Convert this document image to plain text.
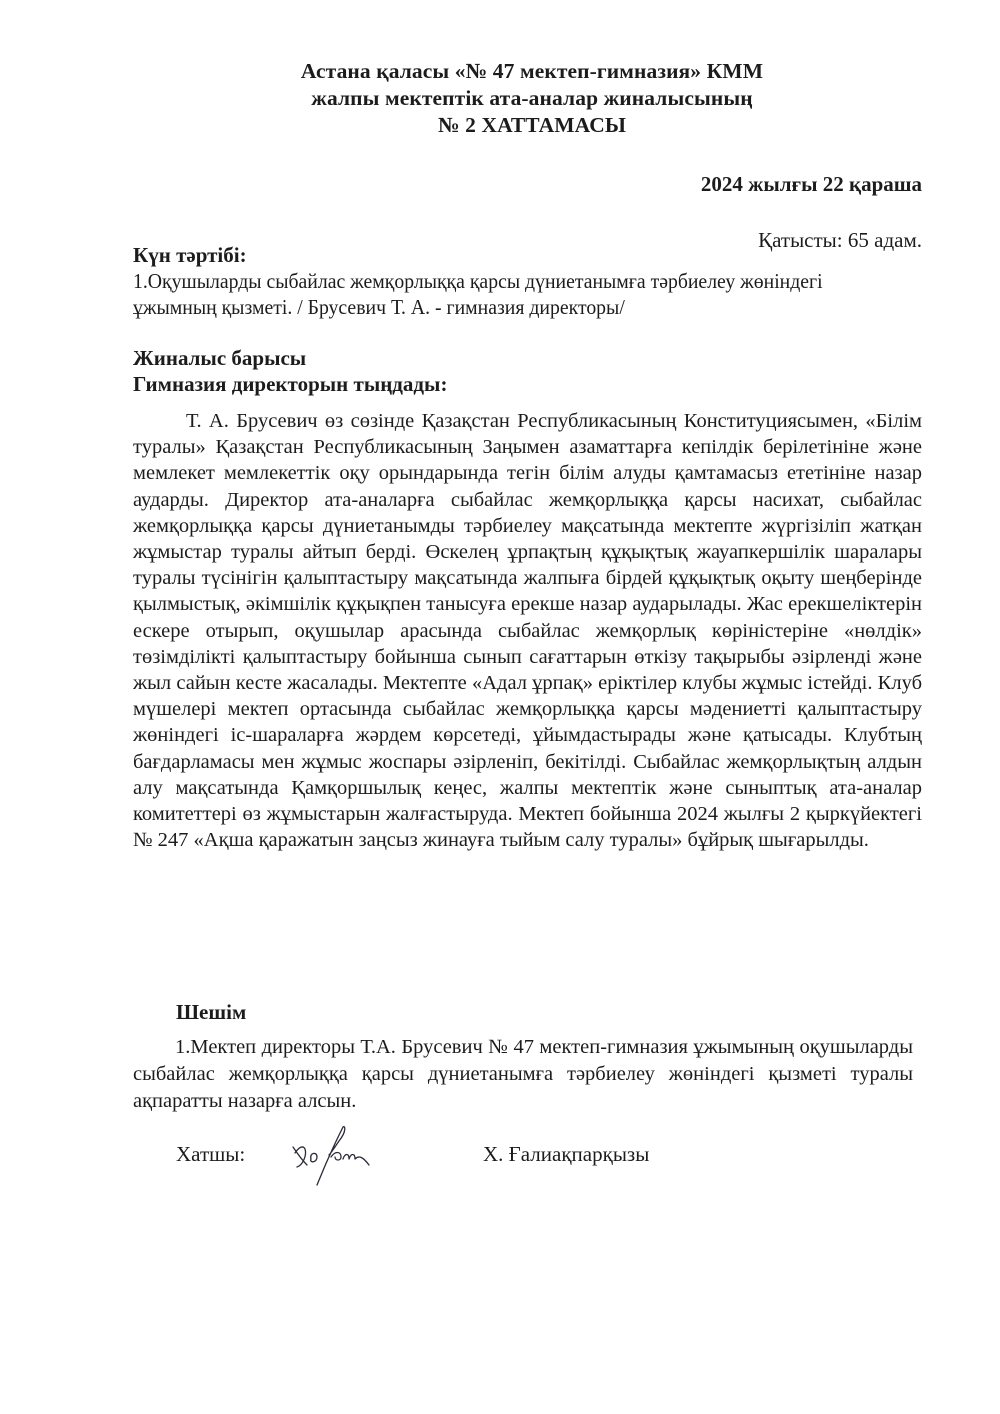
Астана қаласы «№ 47 мектеп-гимназия» КММ
жалпы мектептік ата-аналар жиналысының
№ 2 ХАТТАМАСЫ
2024 жылғы 22 қараша
Қатысты: 65 адам.
Күн тәртібі:
1.Оқушыларды сыбайлас жемқорлыққа қарсы дүниетанымға тәрбиелеу жөніндегі ұжымның қызметі. / Брусевич Т. А. - гимназия директоры/
Жиналыс барысы
Гимназия директорын тыңдады:

Т. А. Брусевич өз сөзінде Қазақстан Республикасының Конституциясымен, «Білім туралы» Қазақстан Республикасының Заңымен азаматтарға кепілдік берілетініне және мемлекет мемлекеттік оқу орындарында тегін білім алуды қамтамасыз ететініне назар аударды. Директор ата-аналарға сыбайлас жемқорлыққа қарсы насихат, сыбайлас жемқорлыққа қарсы дүниетанымды тәрбиелеу мақсатында мектепте жүргізіліп жатқан жұмыстар туралы айтып берді. Өскелең ұрпақтың құқықтық жауапкершілік шаралары туралы түсінігін қалыптастыру мақсатында жалпыға бірдей құқықтық оқыту шеңберінде қылмыстық, әкімшілік құқықпен танысуға ерекше назар аударылады. Жас ерекшеліктерін ескере отырып, оқушылар арасында сыбайлас жемқорлық көріністеріне «нөлдік» төзімділікті қалыптастыру бойынша сынып сағаттарын өткізу тақырыбы әзірленді және жыл сайын кесте жасалады. Мектепте «Адал ұрпақ» еріктілер клубы жұмыс істейді. Клуб мүшелері мектеп ортасында сыбайлас жемқорлыққа қарсы мәдениетті қалыптастыру жөніндегі іс-шараларға жәрдем көрсетеді, ұйымдастырады және қатысады. Клубтың бағдарламасы мен жұмыс жоспары әзірленіп, бекітілді. Сыбайлас жемқорлықтың алдын алу мақсатында Қамқоршылық кеңес, жалпы мектептік және сыныптық ата-аналар комитеттері өз жұмыстарын жалғастыруда. Мектеп бойынша 2024 жылғы 2 қыркүйектегі № 247 «Ақша қаражатын заңсыз жинауға тыйым салу туралы» бұйрық шығарылды.

Шешім

1.Мектеп директоры Т.А. Брусевич № 47 мектеп-гимназия ұжымының оқушыларды сыбайлас жемқорлыққа қарсы дүниетанымға тәрбиелеу жөніндегі қызметі туралы ақпаратты назарға алсын.

Хатшы:	Х. Ғалиақпарқызы
